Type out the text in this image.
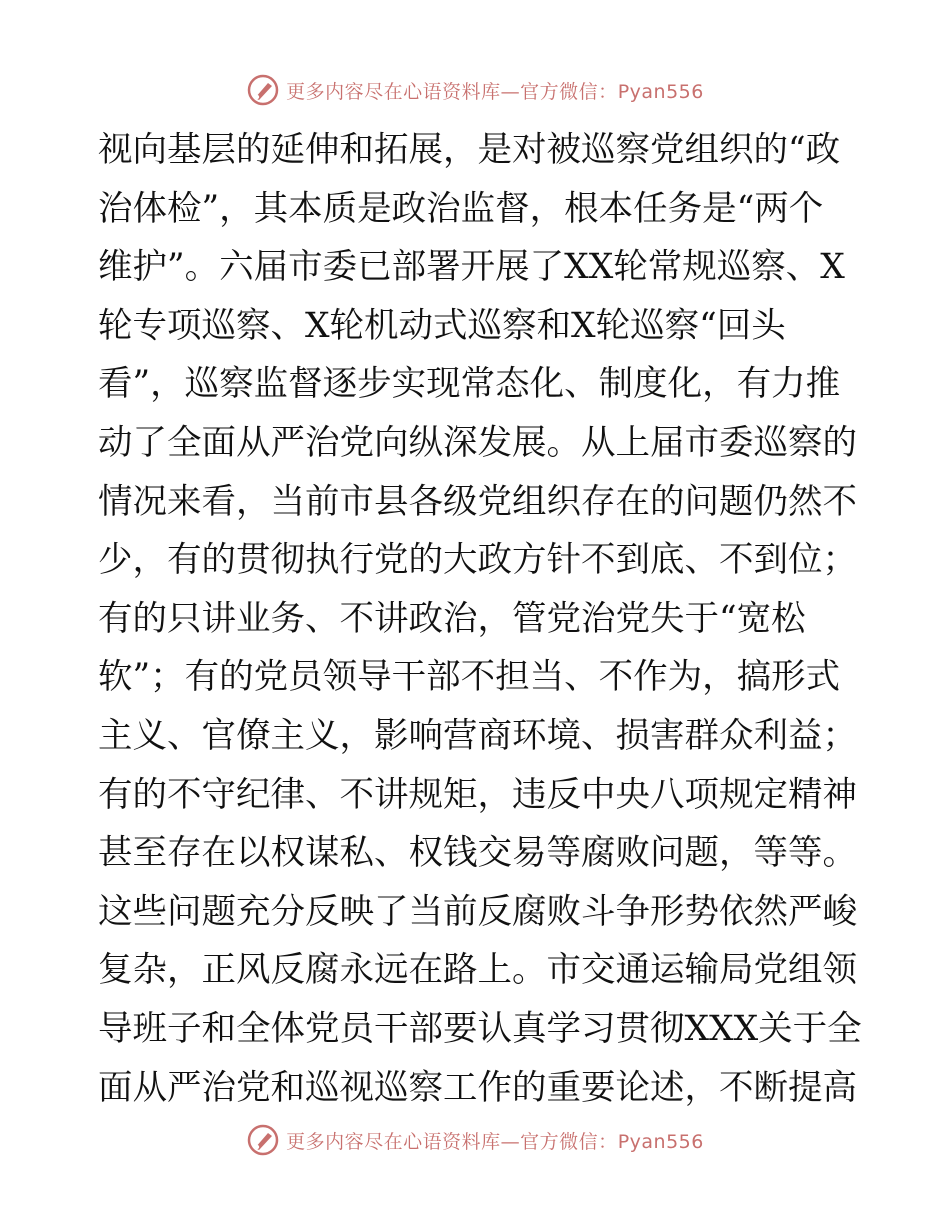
更多内容尽在心语资料库—官方微信：Pyan556
视向基层的延伸和拓展，是对被巡察党组织的“政
治体检”，其本质是政治监督，根本任务是“两个
维护”。六届市委已部署开展了XX轮常规巡察、X
轮专项巡察、X轮机动式巡察和X轮巡察“回头
看”，巡察监督逐步实现常态化、制度化，有力推
动了全面从严治党向纵深发展。从上届市委巡察的
情况来看，当前市县各级党组织存在的问题仍然不
少，有的贯彻执行党的大政方针不到底、不到位；
有的只讲业务、不讲政治，管党治党失于“宽松
软”；有的党员领导干部不担当、不作为，搞形式
主义、官僚主义，影响营商环境、损害群众利益；
有的不守纪律、不讲规矩，违反中央八项规定精神
甚至存在以权谋私、权钱交易等腐败问题，等等。
这些问题充分反映了当前反腐败斗争形势依然严峻
复杂，正风反腐永远在路上。市交通运输局党组领
导班子和全体党员干部要认真学习贯彻XXX关于全
面从严治党和巡视巡察工作的重要论述，不断提高
更多内容尽在心语资料库—官方微信：Pyan556
